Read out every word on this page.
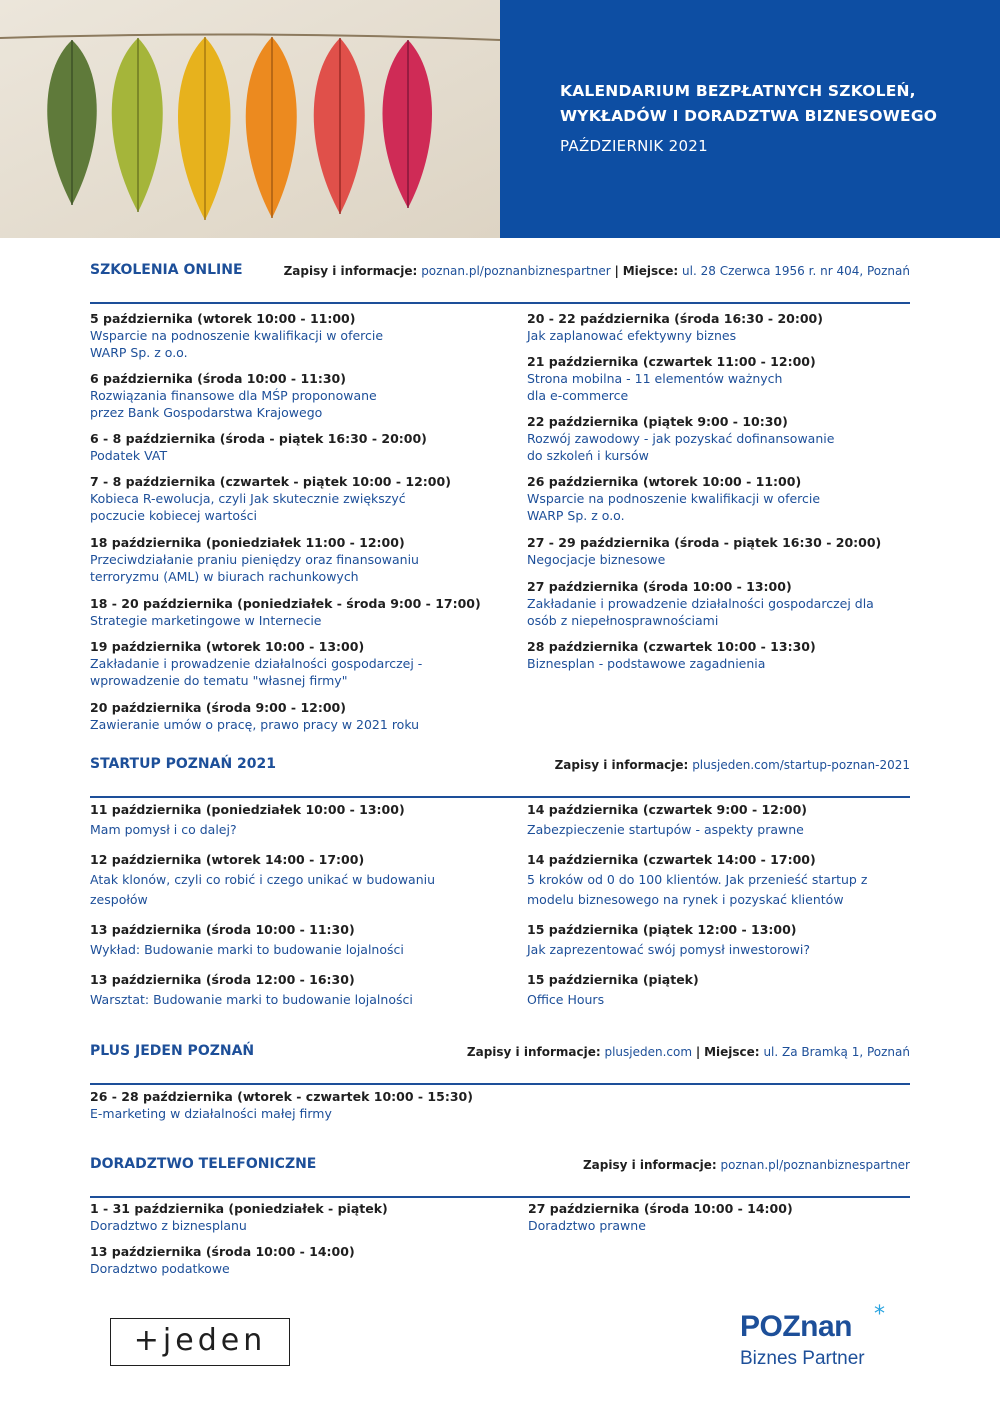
KALENDARIUM BEZPŁATNYCH SZKOLEŃ,
WYKŁADÓW I DORADZTWA BIZNESOWEGO
PAŹDZIERNIK 2021
SZKOLENIA ONLINE	Zapisy i informacje: poznan.pl/poznanbiznespartner | Miejsce: ul. 28 Czerwca 1956 r. nr 404, Poznań
5 października (wtorek 10:00 - 11:00)
Wsparcie na podnoszenie kwalifikacji w ofercie
WARP Sp. z o.o.
6 października (środa 10:00 - 11:30)
Rozwiązania finansowe dla MŚP proponowane
przez Bank Gospodarstwa Krajowego
6 - 8 października (środa - piątek 16:30 - 20:00)
Podatek VAT
7 - 8 października (czwartek - piątek 10:00 - 12:00)
Kobieca R-ewolucja, czyli Jak skutecznie zwiększyć
poczucie kobiecej wartości
18 października (poniedziałek 11:00 - 12:00)
Przeciwdziałanie praniu pieniędzy oraz finansowaniu
terroryzmu (AML) w biurach rachunkowych
18 - 20 października (poniedziałek - środa 9:00 - 17:00)
Strategie marketingowe w Internecie
19 października (wtorek 10:00 - 13:00)
Zakładanie i prowadzenie działalności gospodarczej -
wprowadzenie do tematu "własnej firmy"
20 października (środa 9:00 - 12:00)
Zawieranie umów o pracę, prawo pracy w 2021 roku
20 - 22 października (środa 16:30 - 20:00)
Jak zaplanować efektywny biznes
21 października (czwartek 11:00 - 12:00)
Strona mobilna - 11 elementów ważnych
dla e-commerce
22 października (piątek 9:00 - 10:30)
Rozwój zawodowy - jak pozyskać dofinansowanie
do szkoleń i kursów
26 października (wtorek 10:00 - 11:00)
Wsparcie na podnoszenie kwalifikacji w ofercie
WARP Sp. z o.o.
27 - 29 października (środa - piątek 16:30 - 20:00)
Negocjacje biznesowe
27 października (środa 10:00 - 13:00)
Zakładanie i prowadzenie działalności gospodarczej dla
osób z niepełnosprawnościami
28 października (czwartek 10:00 - 13:30)
Biznesplan - podstawowe zagadnienia
STARTUP POZNAŃ 2021	Zapisy i informacje: plusjeden.com/startup-poznan-2021
11 października (poniedziałek 10:00 - 13:00)
Mam pomysł i co dalej?
12 października (wtorek 14:00 - 17:00)
Atak klonów, czyli co robić i czego unikać w budowaniu
zespołów
13 października (środa 10:00 - 11:30)
Wykład: Budowanie marki to budowanie lojalności
13 października (środa 12:00 - 16:30)
Warsztat: Budowanie marki to budowanie lojalności
14 października (czwartek 9:00 - 12:00)
Zabezpieczenie startupów - aspekty prawne
14 października (czwartek 14:00 - 17:00)
5 kroków od 0 do 100 klientów. Jak przenieść startup z
modelu biznesowego na rynek i pozyskać klientów
15 października (piątek 12:00 - 13:00)
Jak zaprezentować swój pomysł inwestorowi?
15 października (piątek)
Office Hours
PLUS JEDEN POZNAŃ	Zapisy i informacje: plusjeden.com | Miejsce: ul. Za Bramką 1, Poznań
26 - 28 października (wtorek - czwartek 10:00 - 15:30)
E-marketing w działalności małej firmy
DORADZTWO TELEFONICZNE	Zapisy i informacje: poznan.pl/poznanbiznespartner
1 - 31 października (poniedziałek - piątek)
Doradztwo z biznesplanu
13 października (środa 10:00 - 14:00)
Doradztwo podatkowe
27 października (środa 10:00 - 14:00)
Doradztwo prawne
+jeden	POZnan *
Biznes Partner
